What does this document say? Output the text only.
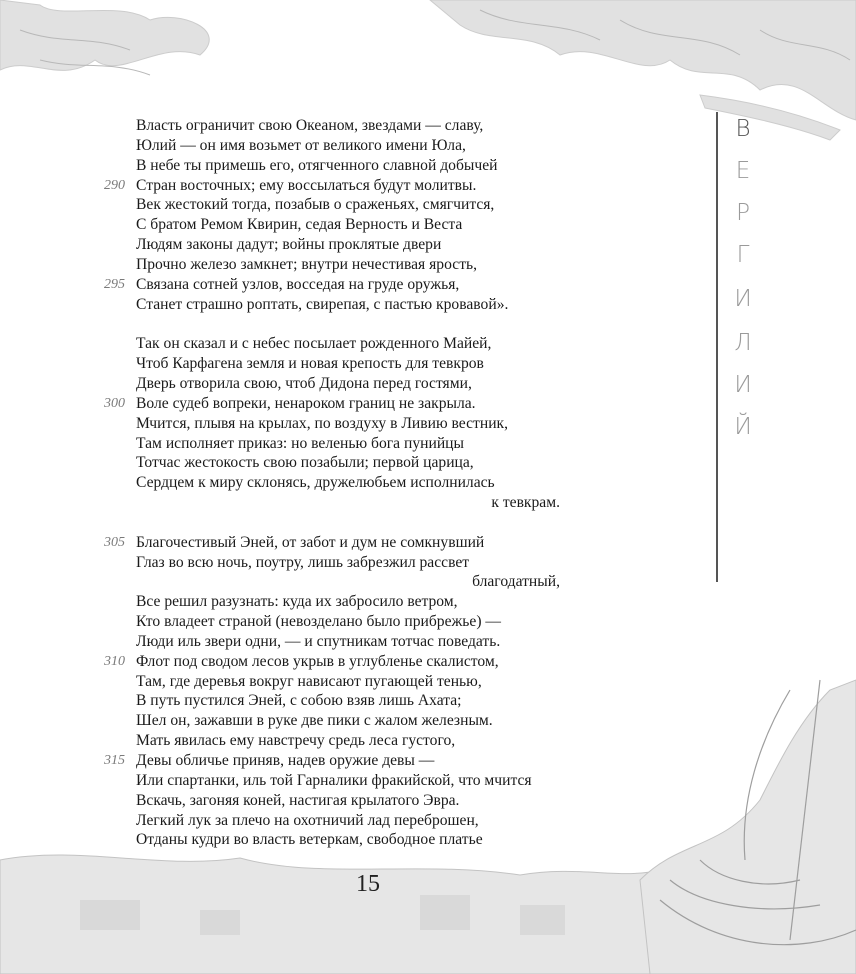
Власть ограничит свою Океаном, звездами — славу,
Юлий — он имя возьмет от великого имени Юла,
В небе ты примешь его, отягченного славной добычей
290 Стран восточных; ему воссылаться будут молитвы.
Век жестокий тогда, позабыв о сраженьях, смягчится,
С братом Ремом Квирин, седая Верность и Веста
Людям законы дадут; войны проклятые двери
Прочно железо замкнет; внутри нечестивая ярость,
295 Связана сотней узлов, восседая на груде оружья,
Станет страшно роптать, свирепая, с пастью кровавой».
Так он сказал и с небес посылает рожденного Майей,
Чтоб Карфагена земля и новая крепость для тевкров
Дверь отворила свою, чтоб Дидона перед гостями,
300 Воле судеб вопреки, ненароком границ не закрыла.
Мчится, плывя на крылах, по воздуху в Ливию вестник,
Там исполняет приказ: но веленью бога пунийцы
Тотчас жестокость свою позабыли; первой царица,
Сердцем к миру склонясь, дружелюбьем исполнилась
к тевкрам.
305 Благочестивый Эней, от забот и дум не сомкнувший
Глаз во всю ночь, поутру, лишь забрезжил рассвет
благодатный,
Все решил разузнать: куда их забросило ветром,
Кто владеет страной (невозделано было прибрежье) —
Люди иль звери одни, — и спутникам тотчас поведать.
310 Флот под сводом лесов укрыв в углубленье скалистом,
Там, где деревья вокруг нависают пугающей тенью,
В путь пустился Эней, с собою взяв лишь Ахата;
Шел он, зажавши в руке две пики с жалом железным.
Мать явилась ему навстречу средь леса густого,
315 Девы обличье приняв, надев оружие девы —
Или спартанки, иль той Гарналики фракийской, что мчится
Вскачь, загоняя коней, настигая крылатого Эвра.
Легкий лук за плечо на охотничий лад переброшен,
Отданы кудри во власть ветеркам, свободное платье
15
В
Е
Р
Г
И
Л
И
Й
